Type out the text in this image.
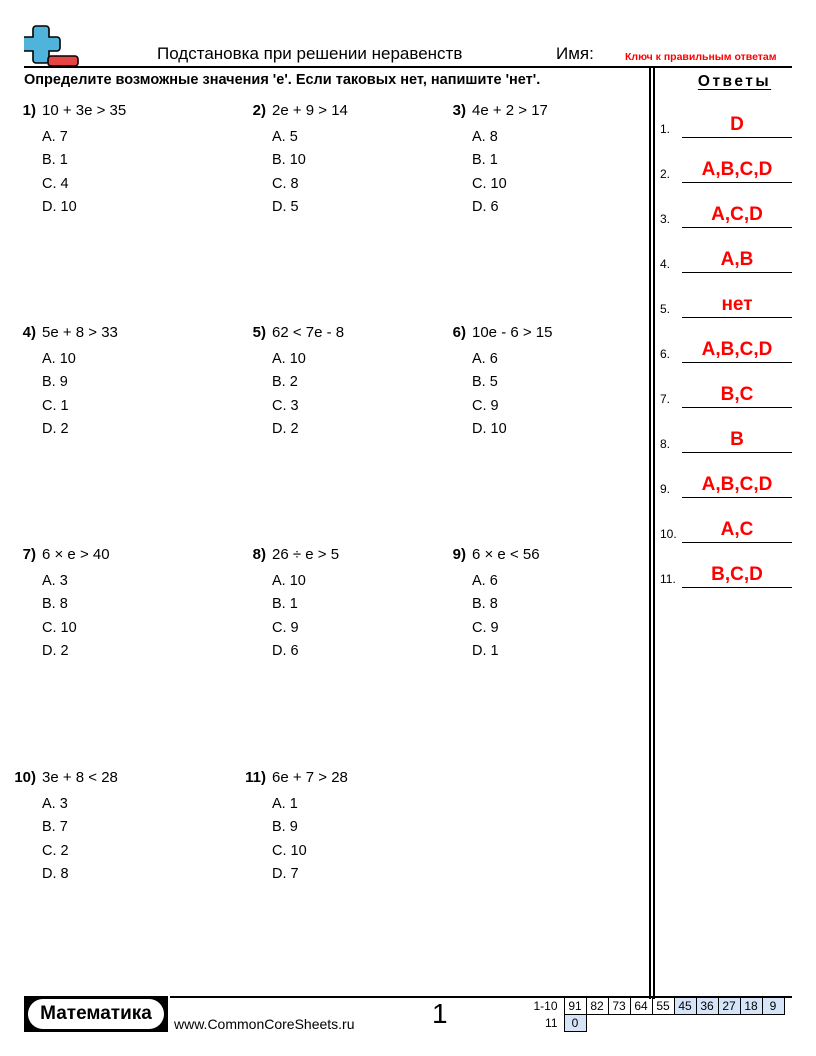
Подстановка при решении неравенств	Имя:	Ключ к правильным ответам
Определите возможные значения 'e'. Если таковых нет, напишите 'нет'.
1) 10 + 3e > 35
A. 7
B. 1
C. 4
D. 10
2) 2e + 9 > 14
A. 5
B. 10
C. 8
D. 5
3) 4e + 2 > 17
A. 8
B. 1
C. 10
D. 6
4) 5e + 8 > 33
A. 10
B. 9
C. 1
D. 2
5) 62 < 7e - 8
A. 10
B. 2
C. 3
D. 2
6) 10e - 6 > 15
A. 6
B. 5
C. 9
D. 10
7) 6 × e > 40
A. 3
B. 8
C. 10
D. 2
8) 26 ÷ e > 5
A. 10
B. 1
C. 9
D. 6
9) 6 × e < 56
A. 6
B. 8
C. 9
D. 1
10) 3e + 8 < 28
A. 3
B. 7
C. 2
D. 8
11) 6e + 7 > 28
A. 1
B. 9
C. 10
D. 7
Ответы
1.	D
2.	A,B,C,D
3.	A,C,D
4.	A,B
5.	нет
6.	A,B,C,D
7.	B,C
8.	B
9.	A,B,C,D
10.	A,C
11.	B,C,D
Математика	www.CommonCoreSheets.ru	1	1-10	91	82	73	64	55	45	36	27	18	9
11	0									
